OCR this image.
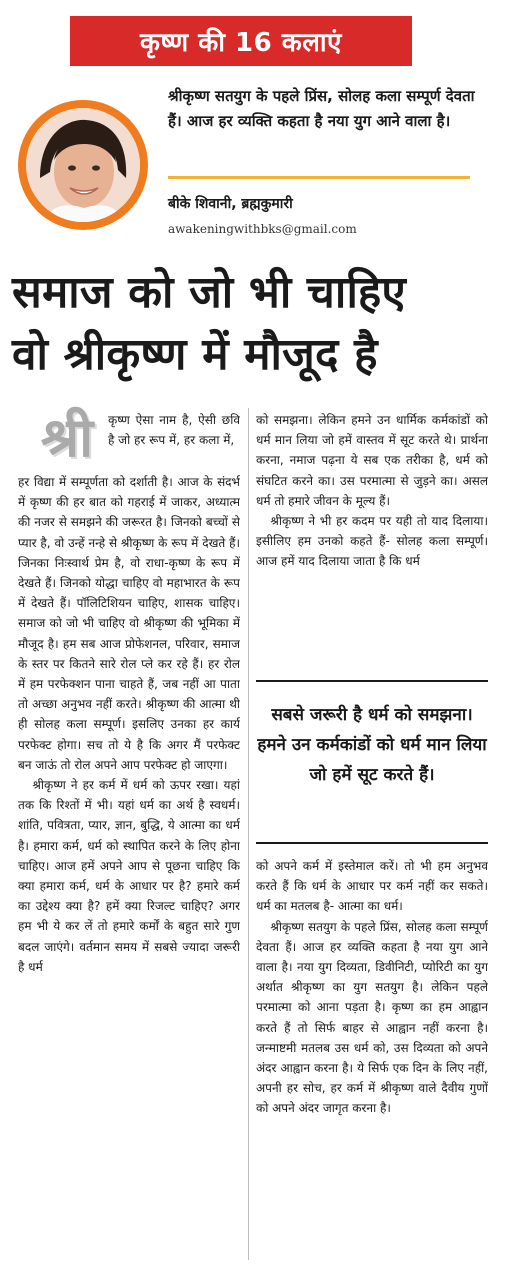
कृष्ण की 16 कलाएं
श्रीकृष्ण सतयुग के पहले प्रिंस, सोलह कला सम्पूर्ण देवता हैं। आज हर व्यक्ति कहता है नया युग आने वाला है।
बीके शिवानी, ब्रह्मकुमारी
awakeningwithbks@gmail.com
समाज को जो भी चाहिए
वो श्रीकृष्ण में मौजूद है
श्री	कृष्ण ऐसा नाम है, ऐसी छवि है जो हर रूप में, हर कला में,

हर विद्या में सम्पूर्णता को दर्शाती है। आज के संदर्भ में कृष्ण की हर बात को गहराई में जाकर, अध्यात्म की नजर से समझने की जरूरत है। जिनको बच्चों से प्यार है, वो उन्हें नन्हे से श्रीकृष्ण के रूप में देखते हैं। जिनका निःस्वार्थ प्रेम है, वो राधा-कृष्ण के रूप में देखते हैं। जिनको योद्धा चाहिए वो महाभारत के रूप में देखते हैं। पॉलिटिशियन चाहिए, शासक चाहिए। समाज को जो भी चाहिए वो श्रीकृष्ण की भूमिका में मौजूद है। हम सब आज प्रोफेशनल, परिवार, समाज के स्तर पर कितने सारे रोल प्ले कर रहे हैं। हर रोल में हम परफेक्शन पाना चाहते हैं, जब नहीं आ पाता तो अच्छा अनुभव नहीं करते। श्रीकृष्ण की आत्मा थी ही सोलह कला सम्पूर्ण। इसलिए उनका हर कार्य परफेक्ट होगा। सच तो ये है कि अगर मैं परफेक्ट बन जाऊं तो रोल अपने आप परफेक्ट हो जाएगा।

श्रीकृष्ण ने हर कर्म में धर्म को ऊपर रखा। यहां तक कि रिश्तों में भी। यहां धर्म का अर्थ है स्वधर्म। शांति, पवित्रता, प्यार, ज्ञान, बुद्धि, ये आत्मा का धर्म है। हमारा कर्म, धर्म को स्थापित करने के लिए होना चाहिए। आज हमें अपने आप से पूछना चाहिए कि क्या हमारा कर्म, धर्म के आधार पर है? हमारे कर्म का उद्देश्य क्या है? हमें क्या रिजल्ट चाहिए? अगर हम भी ये कर लें तो हमारे कर्मों के बहुत सारे गुण बदल जाएंगे। वर्तमान समय में सबसे ज्यादा जरूरी है धर्म

को समझना। लेकिन हमने उन धार्मिक कर्मकांडों को धर्म मान लिया जो हमें वास्तव में सूट करते थे। प्रार्थना करना, नमाज पढ़ना ये सब एक तरीका है, धर्म को संघटित करने का। उस परमात्मा से जुड़ने का। असल धर्म तो हमारे जीवन के मूल्य हैं।

श्रीकृष्ण ने भी हर कदम पर यही तो याद दिलाया। इसीलिए हम उनको कहते हैं- सोलह कला सम्पूर्ण। आज हमें याद दिलाया जाता है कि धर्म

सबसे जरूरी है धर्म को समझना। हमने उन कर्मकांडों को धर्म मान लिया जो हमें सूट करते हैं।

को अपने कर्म में इस्तेमाल करें। तो भी हम अनुभव करते हैं कि धर्म के आधार पर कर्म नहीं कर सकते। धर्म का मतलब है- आत्मा का धर्म।

श्रीकृष्ण सतयुग के पहले प्रिंस, सोलह कला सम्पूर्ण देवता हैं। आज हर व्यक्ति कहता है नया युग आने वाला है। नया युग दिव्यता, डिवीनिटी, प्योरिटी का युग अर्थात श्रीकृष्ण का युग सतयुग है। लेकिन पहले परमात्मा को आना पड़ता है। कृष्ण का हम आह्वान करते हैं तो सिर्फ बाहर से आह्वान नहीं करना है। जन्माष्टमी मतलब उस धर्म को, उस दिव्यता को अपने अंदर आह्वान करना है। ये सिर्फ एक दिन के लिए नहीं, अपनी हर सोच, हर कर्म में श्रीकृष्ण वाले दैवीय गुणों को अपने अंदर जागृत करना है।
